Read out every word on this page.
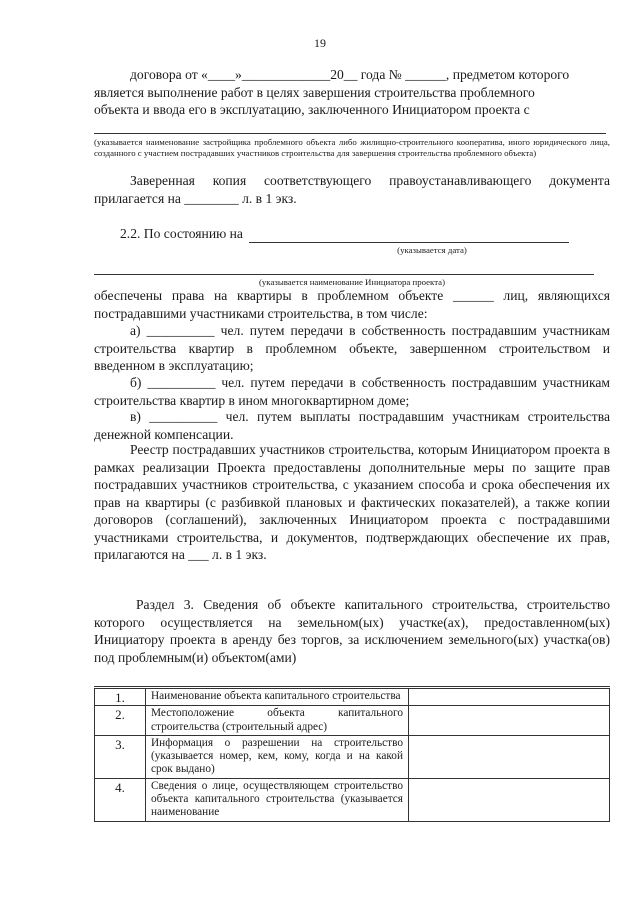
19

договора от «____»_____________20__ года № ______, предметом которого

является выполнение работ в целях завершения строительства проблемного

объекта и ввода его в эксплуатацию, заключенного Инициатором проекта с

(указывается наименование застройщика проблемного объекта либо жилищно-строительного кооператива, иного юридического лица, созданного с участием пострадавших участников строительства для завершения строительства проблемного объекта)
Заверенная копия соответствующего правоустанавливающего документа прилагается на ________ л. в 1 экз.
2.2. По состоянию на
(указывается дата)
(указывается наименование Инициатора проекта)
обеспечены права на квартиры в проблемном объекте ______ лиц, являющихся пострадавшими участниками строительства, в том числе:
а) __________ чел. путем передачи в собственность пострадавшим участникам строительства квартир в проблемном объекте, завершенном строительством и введенном в эксплуатацию;
б) __________ чел. путем передачи в собственность пострадавшим участникам строительства квартир в ином многоквартирном доме;
в) __________ чел. путем выплаты пострадавшим участникам строительства денежной компенсации.
Реестр пострадавших участников строительства, которым Инициатором проекта в рамках реализации Проекта предоставлены дополнительные меры по защите прав пострадавших участников строительства, с указанием способа и срока обеспечения их прав на квартиры (с разбивкой плановых и фактических показателей), а также копии договоров (соглашений), заключенных Инициатором проекта с пострадавшими участниками строительства, и документов, подтверждающих обеспечение их прав, прилагаются на ___ л. в 1 экз.
Раздел 3. Сведения об объекте капитального строительства, строительство которого осуществляется на земельном(ых) участке(ах), предоставленном(ых) Инициатору проекта в аренду без торгов, за исключением земельного(ых) участка(ов) под проблемным(и) объектом(ами)
1.	Наименование объекта капитального строительства	
2.	Местоположение объекта капитального строительства (строительный адрес)	
3.	Информация о разрешении на строительство (указывается номер, кем, кому, когда и на какой срок выдано)	
4.	Сведения о лице, осуществляющем строительство объекта капитального строительства (указывается наименование	
